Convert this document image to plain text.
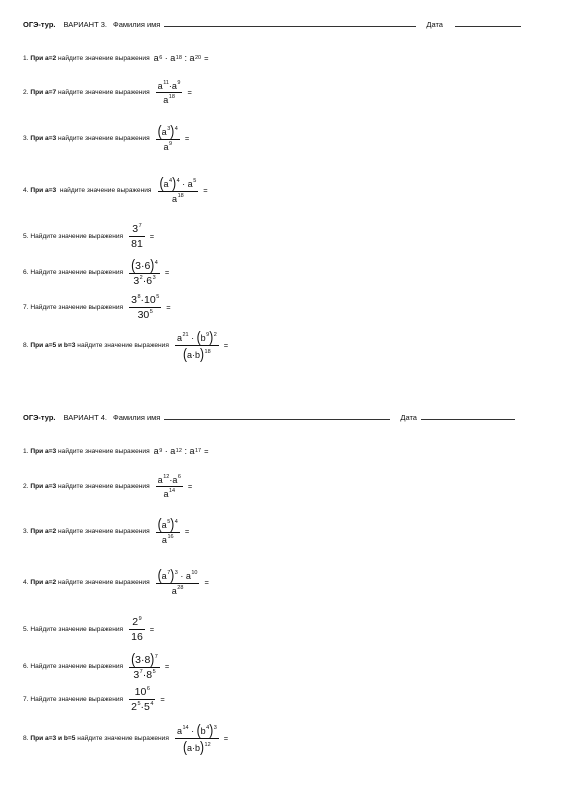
ОГЭ-тур. ВАРИАНТ 3. Фамилия имя	Дата
1.
При a=2
найдите значение выражения a 6
·
a 18
:
a 20 =
2.
При a=7
найдите значение выражения $\frac{a^{11}\cdot a^9}{a^{18}}$ =
3.
При a=3
найдите значение выражения $\frac{(a^3)^4}{a^9}$ =
4.
При a=3
найдите значение выражения $\frac{(a^4)^4 \cdot a^5}{a^{18}}$ =
5.
Найдите значение выражения $\frac{3^7}{81}$ =
6.
Найдите значение выражения $\frac{(3\cdot 6)^4}{3^2\cdot 6^3}$ =
7.
Найдите значение выражения $\frac{3^8\cdot 10^5}{30^5}$ =
8.
При a=5 и b=3
найдите значение выражения $\frac{a^{21} \cdot (b^9)^2}{(a\cdot b)^{18}}$ =
ОГЭ-тур. ВАРИАНТ 4. Фамилия имя	Дата
1.
При a=3
найдите значение выражения a 9
·
a 12
:
a 17 =
2.
При a=3
найдите значение выражения $\frac{a^{12}\cdot a^6}{a^{14}}$ =
3.
При a=2
найдите значение выражения $\frac{(a^5)^4}{a^{16}}$ =
4.
При a=2
найдите значение выражения $\frac{(a^7)^3 \cdot a^{10}}{a^{28}}$ =
5.
Найдите значение выражения $\frac{2^9}{16}$ =
6.
Найдите значение выражения $\frac{(3\cdot 8)^7}{3^7\cdot 8^5}$ =
7.
Найдите значение выражения $\frac{10^6}{2^5\cdot 5^4}$ =
8.
При a=3 и b=5
найдите значение выражения $\frac{a^{14} \cdot (b^4)^3}{(a\cdot b)^{12}}$ =
